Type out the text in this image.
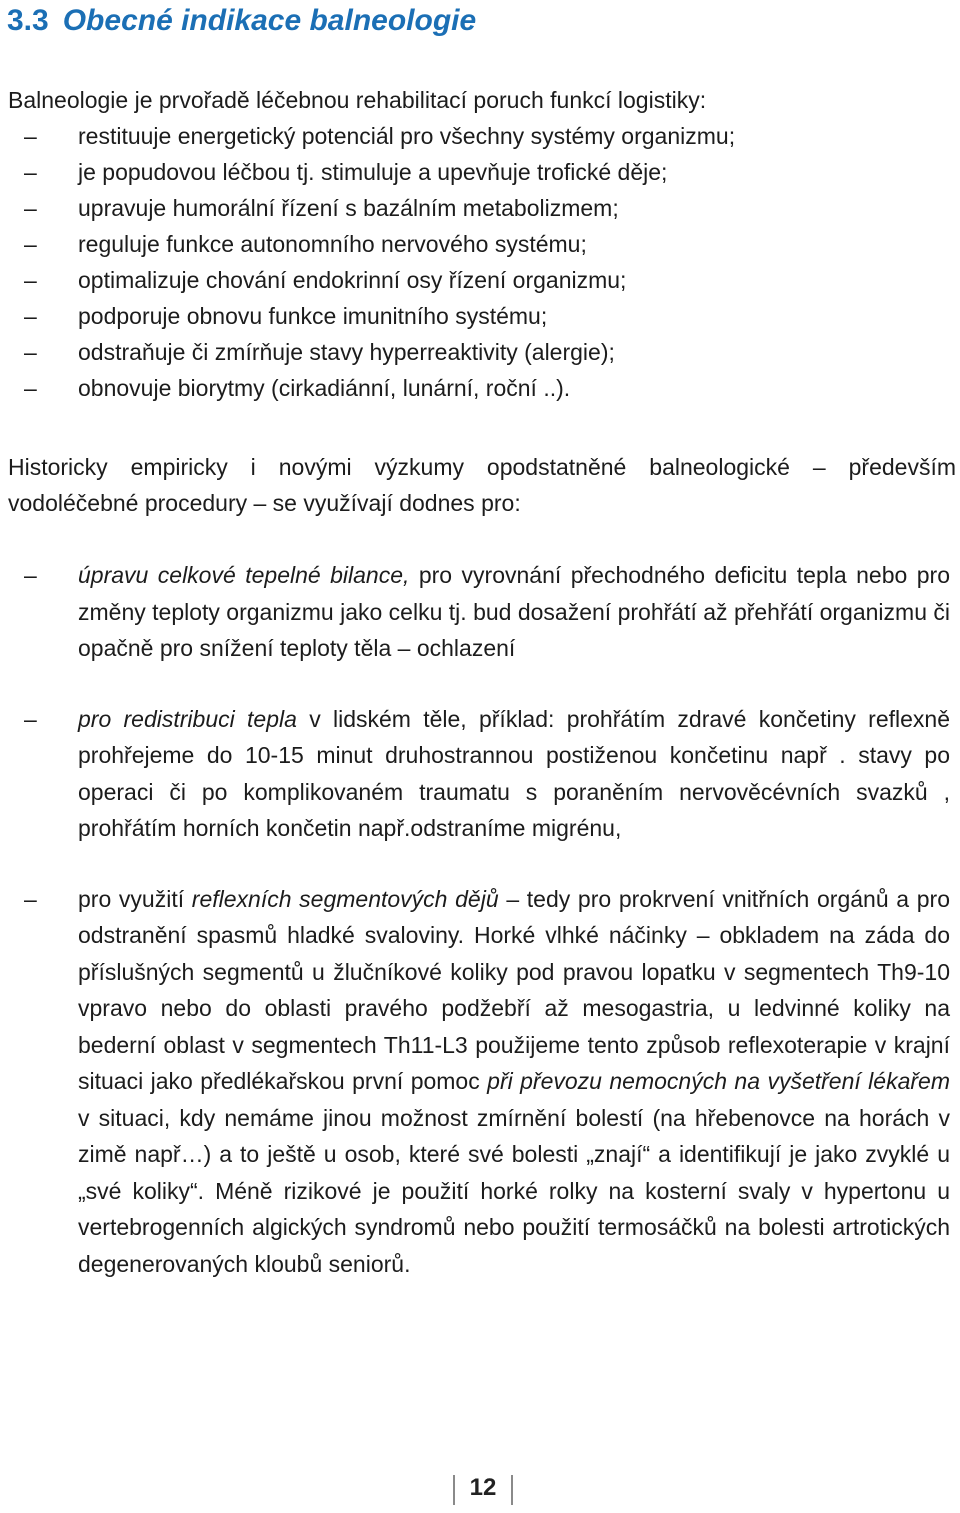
3.3 Obecné indikace balneologie

Balneologie je prvořadě léčebnou rehabilitací poruch funkcí logistiky:

– restituuje energetický potenciál pro všechny systémy organizmu;
– je popudovou léčbou tj. stimuluje a upevňuje trofické děje;
– upravuje humorální řízení s bazálním metabolizmem;
– reguluje funkce autonomního nervového systému;
– optimalizuje chování endokrinní osy řízení organizmu;
– podporuje obnovu funkce imunitního systému;
– odstraňuje či zmírňuje stavy hyperreaktivity (alergie);
– obnovuje biorytmy (cirkadiánní, lunární, roční ..).

Historicky empiricky i novými výzkumy opodstatněné balneologické – především vodoléčebné procedury – se využívají dodnes pro:

– úpravu celkové tepelné bilance, pro vyrovnání přechodného deficitu tepla nebo pro změny teploty organizmu jako celku tj. bud dosažení prohřátí až přehřátí organizmu či opačně pro snížení teploty těla – ochlazení
– pro redistribuci tepla v lidském těle, příklad: prohřátím zdravé končetiny reflexně prohřejeme do 10-15 minut druhostrannou postiženou končetinu např . stavy po operaci či po komplikovaném traumatu s poraněním nervověcévních svazků , prohřátím horních končetin např.odstraníme migrénu,
– pro využití reflexních segmentových dějů – tedy pro prokrvení vnitřních orgánů a pro odstranění spasmů hladké svaloviny. Horké vlhké náčinky – obkladem na záda do příslušných segmentů u žlučníkové koliky pod pravou lopatku v segmentech Th9-10 vpravo nebo do oblasti pravého podžebří až mesogastria, u ledvinné koliky na bederní oblast v segmentech Th11-L3 použijeme tento způsob reflexoterapie v krajní situaci jako předlékařskou první pomoc při převozu nemocných na vyšetření lékařem v situaci, kdy nemáme jinou možnost zmírnění bolestí (na hřebenovce na horách v zimě např…) a to ještě u osob, které své bolesti „znají“ a identifikují je jako zvyklé u „své koliky“. Méně rizikové je použití horké rolky na kosterní svaly v hypertonu u vertebrogenních algických syndromů nebo použití termosáčků na bolesti artrotických degenerovaných kloubů seniorů.
12
